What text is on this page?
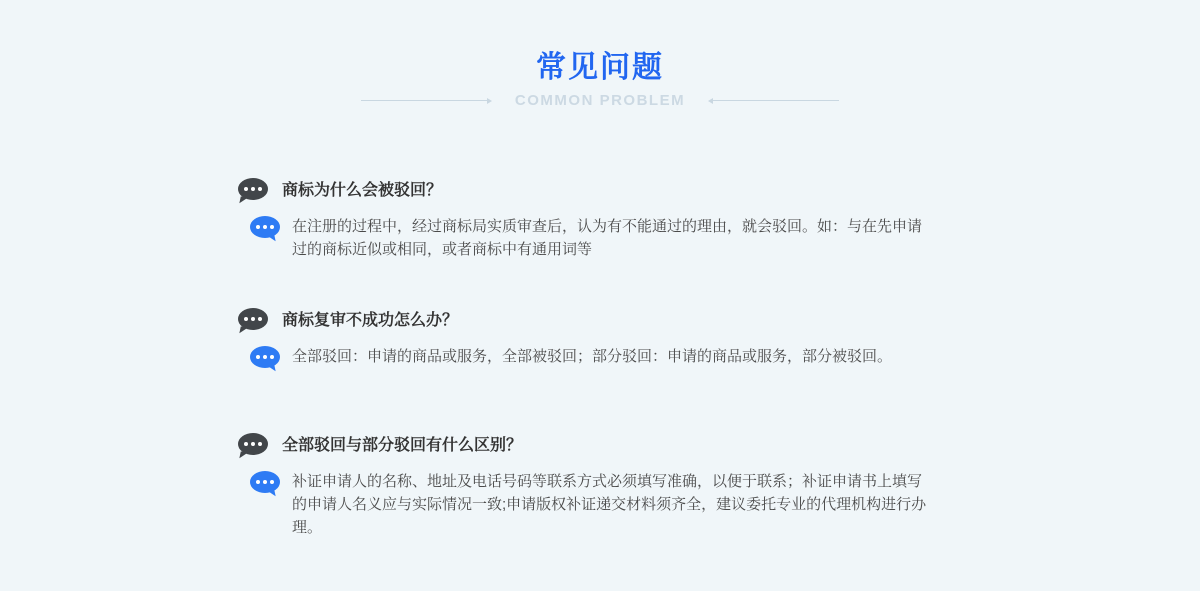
常见问题
COMMON PROBLEM
商标为什么会被驳回？

在注册的过程中，经过商标局实质审查后，认为有不能通过的理由，就会驳回。如：与在先申请过的商标近似或相同，或者商标中有通用词等

商标复审不成功怎么办？

全部驳回：申请的商品或服务，全部被驳回；部分驳回：申请的商品或服务，部分被驳回。

全部驳回与部分驳回有什么区别？

补证申请人的名称、地址及电话号码等联系方式必须填写准确，以便于联系；补证申请书上填写的申请人名义应与实际情况一致;申请版权补证递交材料须齐全，建议委托专业的代理机构进行办理。
